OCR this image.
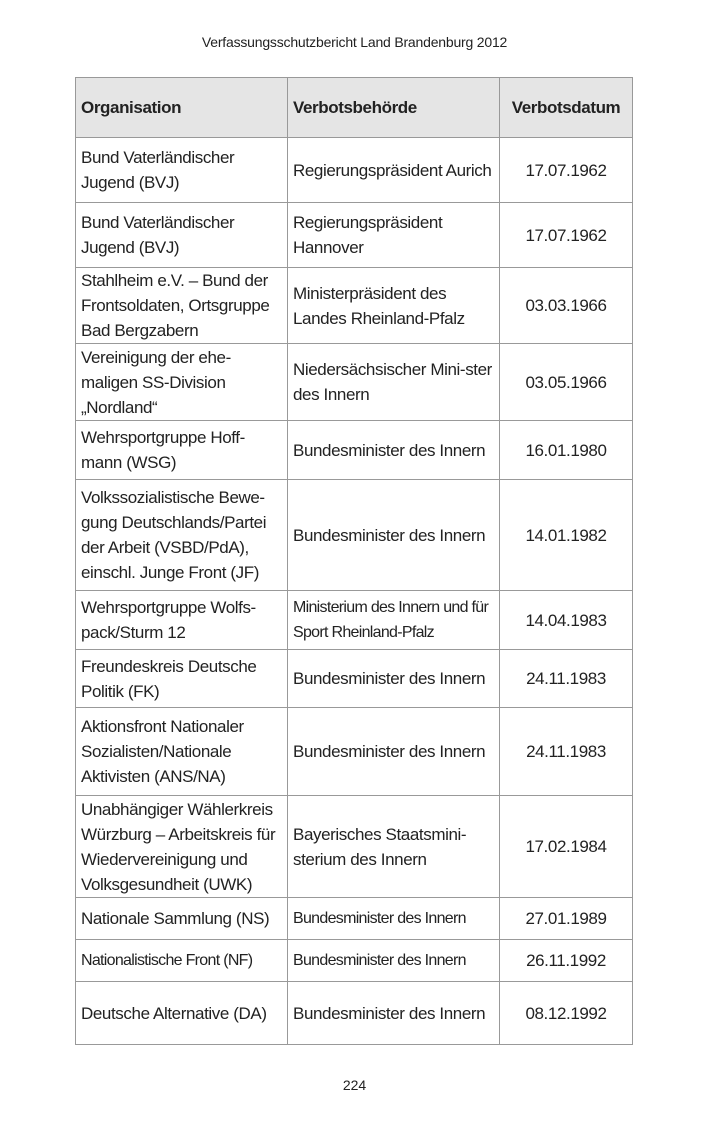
Verfassungsschutzbericht Land Brandenburg 2012
Organisation	Verbotsbehörde	Verbotsdatum
Bund Vaterländischer Jugend (BVJ)	Regierungspräsident Aurich	17.07.1962
Bund Vaterländischer Jugend (BVJ)	Regierungspräsident Hannover	17.07.1962
Stahlheim e.V. – Bund der Frontsoldaten, Ortsgruppe Bad Bergzabern	Ministerpräsident des Landes Rheinland-Pfalz	03.03.1966
Vereinigung der ehe-maligen SS-Division „Nordland“	Niedersächsischer Mini-ster des Innern	03.05.1966
Wehrsportgruppe Hoff-mann (WSG)	Bundesminister des Innern	16.01.1980
Volkssozialistische Bewe-gung Deutschlands/Partei der Arbeit (VSBD/PdA), einschl. Junge Front (JF)	Bundesminister des Innern	14.01.1982
Wehrsportgruppe Wolfs-pack/Sturm 12	Ministerium des Innern und für Sport Rheinland-Pfalz	14.04.1983
Freundeskreis Deutsche Politik (FK)	Bundesminister des Innern	24.11.1983
Aktionsfront Nationaler Sozialisten/Nationale Aktivisten (ANS/NA)	Bundesminister des Innern	24.11.1983
Unabhängiger Wählerkreis Würzburg – Arbeitskreis für Wiedervereinigung und Volksgesundheit (UWK)	Bayerisches Staatsmini-sterium des Innern	17.02.1984
Nationale Sammlung (NS)	Bundesminister des Innern	27.01.1989
Nationalistische Front (NF)	Bundesminister des Innern	26.11.1992
Deutsche Alternative (DA)	Bundesminister des Innern	08.12.1992
224
